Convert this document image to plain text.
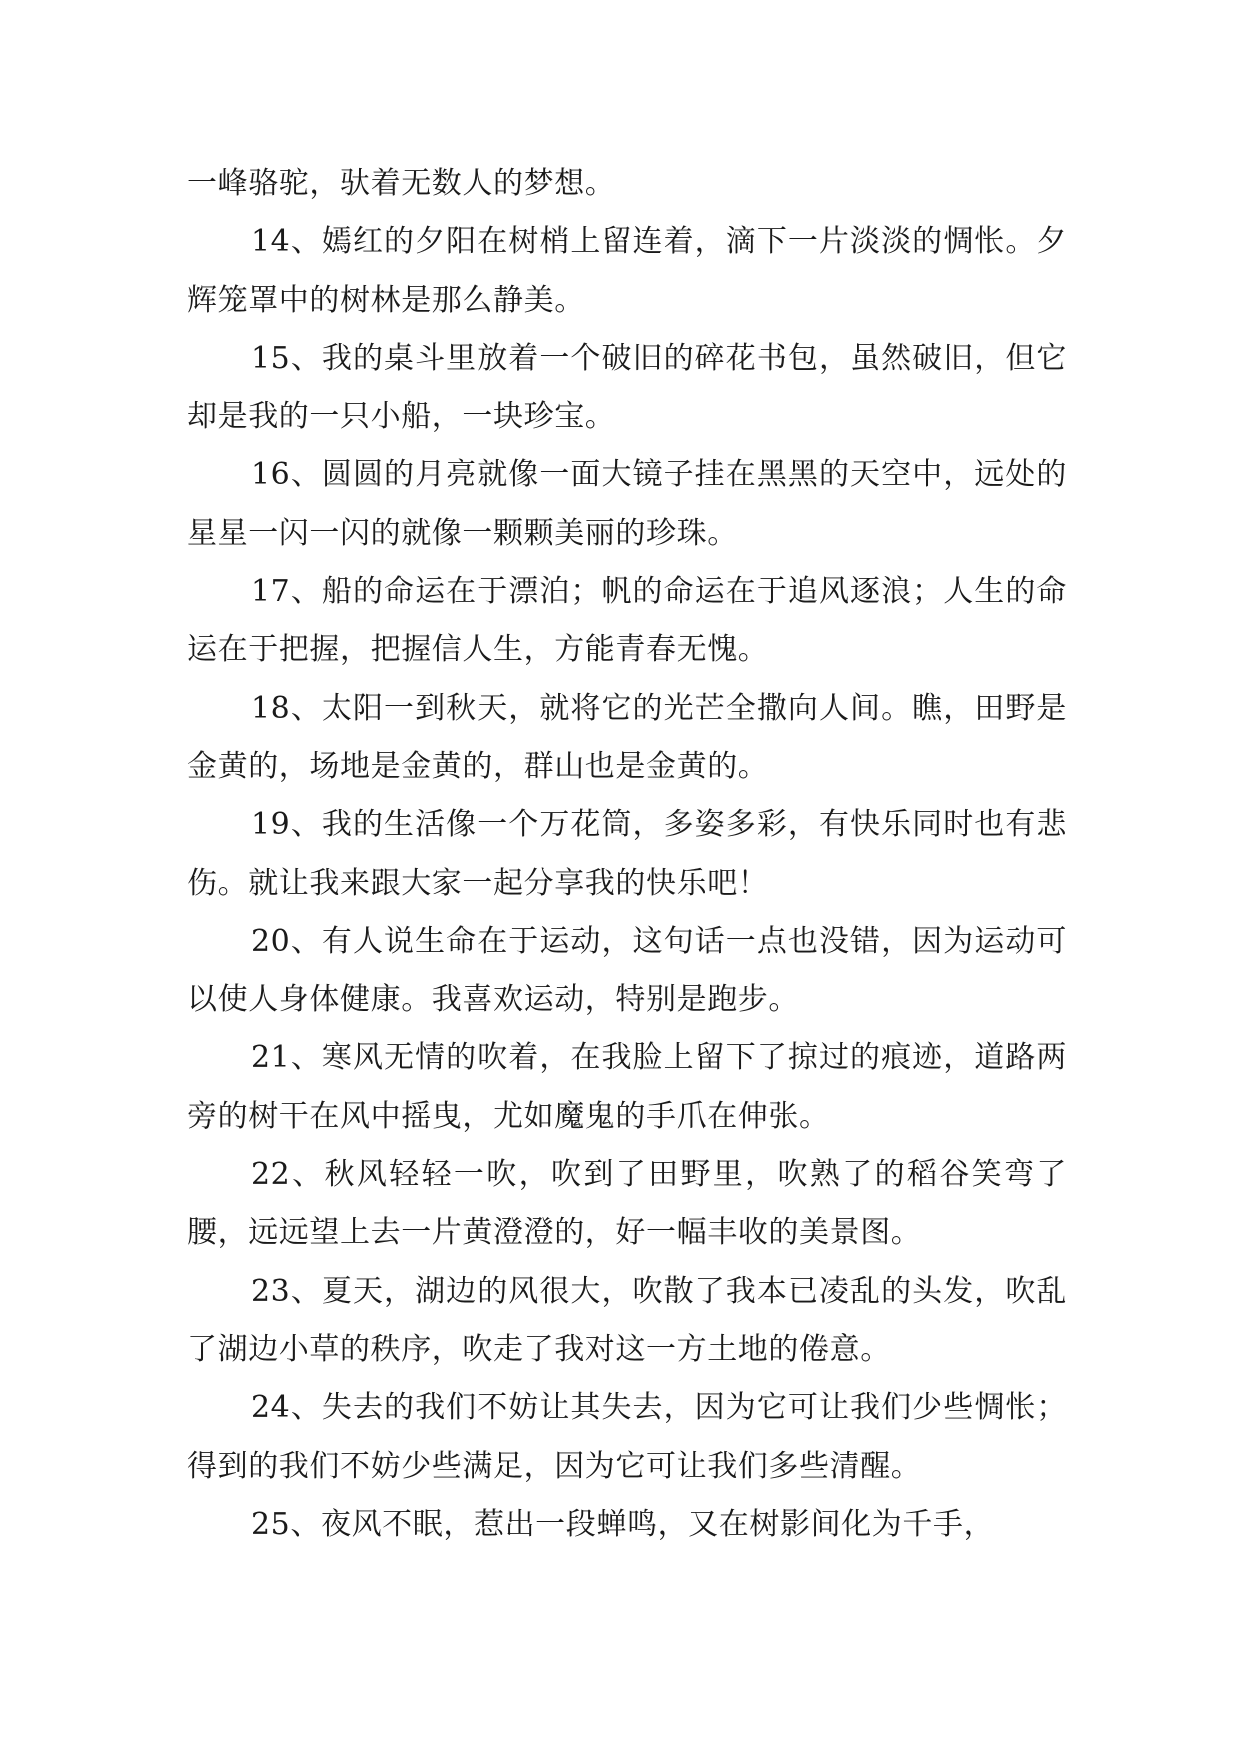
一峰骆驼，驮着无数人的梦想。

14、嫣红的夕阳在树梢上留连着，滴下一片淡淡的惆怅。夕辉笼罩中的树林是那么静美。

15、我的桌斗里放着一个破旧的碎花书包，虽然破旧，但它却是我的一只小船，一块珍宝。

16、圆圆的月亮就像一面大镜子挂在黑黑的天空中，远处的星星一闪一闪的就像一颗颗美丽的珍珠。

17、船的命运在于漂泊；帆的命运在于追风逐浪；人生的命运在于把握，把握信人生，方能青春无愧。

18、太阳一到秋天，就将它的光芒全撒向人间。瞧，田野是金黄的，场地是金黄的，群山也是金黄的。

19、我的生活像一个万花筒，多姿多彩，有快乐同时也有悲伤。就让我来跟大家一起分享我的快乐吧！

20、有人说生命在于运动，这句话一点也没错，因为运动可以使人身体健康。我喜欢运动，特别是跑步。

21、寒风无情的吹着，在我脸上留下了掠过的痕迹，道路两旁的树干在风中摇曳，尤如魔鬼的手爪在伸张。

22、秋风轻轻一吹，吹到了田野里，吹熟了的稻谷笑弯了腰，远远望上去一片黄澄澄的，好一幅丰收的美景图。

23、夏天，湖边的风很大，吹散了我本已凌乱的头发，吹乱了湖边小草的秩序，吹走了我对这一方土地的倦意。

24、失去的我们不妨让其失去，因为它可让我们少些惆怅；得到的我们不妨少些满足，因为它可让我们多些清醒。

25、夜风不眠，惹出一段蝉鸣，又在树影间化为千手，
